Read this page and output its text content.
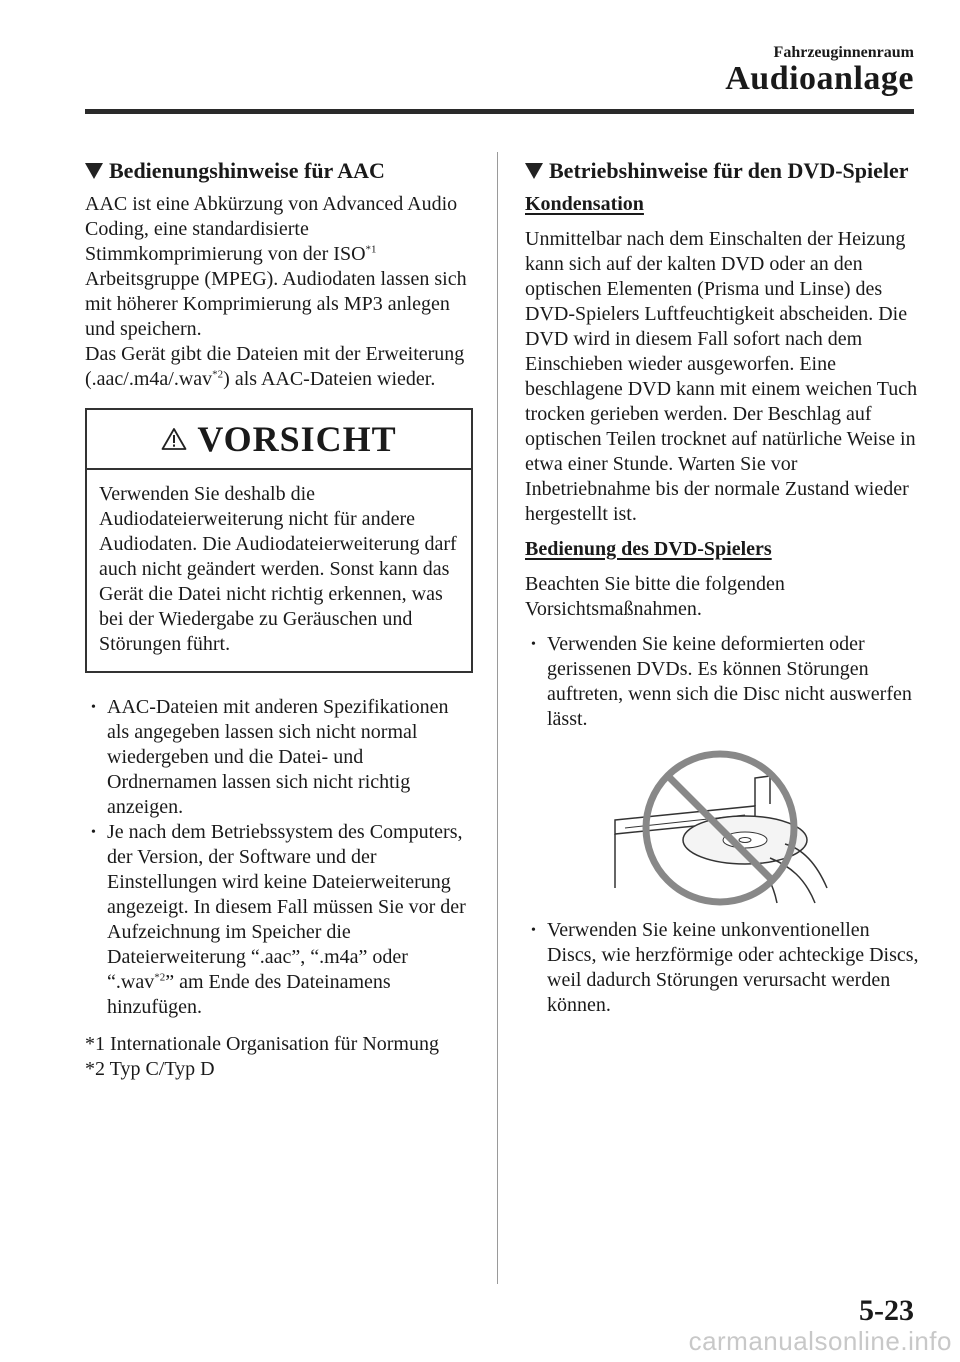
Fahrzeuginnenraum
Audioanlage
Bedienungshinweise für AAC

AAC ist eine Abkürzung von Advanced Audio Coding, eine standardisierte Stimmkomprimierung von der ISO$^{*1}$ Arbeitsgruppe (MPEG). Audiodaten lassen sich mit höherer Komprimierung als MP3 anlegen und speichern.
Das Gerät gibt die Dateien mit der Erweiterung (.aac/.m4a/.wav$^{*2}$) als AAC-Dateien wieder.

VORSICHT
Verwenden Sie deshalb die Audiodateierweiterung nicht für andere Audiodaten. Die Audiodateierweiterung darf auch nicht geändert werden. Sonst kann das Gerät die Datei nicht richtig erkennen, was bei der Wiedergabe zu Geräuschen und Störungen führt.
• AAC-Dateien mit anderen Spezifikationen als angegeben lassen sich nicht normal wiedergeben und die Datei- und Ordnernamen lassen sich nicht richtig anzeigen.
• Je nach dem Betriebssystem des Computers, der Version, der Software und der Einstellungen wird keine Dateierweiterung angezeigt. In diesem Fall müssen Sie vor der Aufzeichnung im Speicher die Dateierweiterung “.aac”, “.m4a” oder “.wav$^{*2}$” am Ende des Dateinamens hinzufügen.
*1 Internationale Organisation für Normung
*2 Typ C/Typ D
Betriebshinweise für den DVD-Spieler
Kondensation

Unmittelbar nach dem Einschalten der Heizung kann sich auf der kalten DVD oder an den optischen Elementen (Prisma und Linse) des DVD-Spielers Luftfeuchtigkeit abscheiden. Die DVD wird in diesem Fall sofort nach dem Einschieben wieder ausgeworfen. Eine beschlagene DVD kann mit einem weichen Tuch trocken gerieben werden. Der Beschlag auf optischen Teilen trocknet auf natürliche Weise in etwa einer Stunde. Warten Sie vor Inbetriebnahme bis der normale Zustand wieder hergestellt ist.

Bedienung des DVD-Spielers

Beachten Sie bitte die folgenden Vorsichtsmaßnahmen.

• Verwenden Sie keine deformierten oder gerissenen DVDs. Es können Störungen auftreten, wenn sich die Disc nicht auswerfen lässt.
• Verwenden Sie keine unkonventionellen Discs, wie herzförmige oder achteckige Discs, weil dadurch Störungen verursacht werden können.
5-23
carmanualsonline.info
